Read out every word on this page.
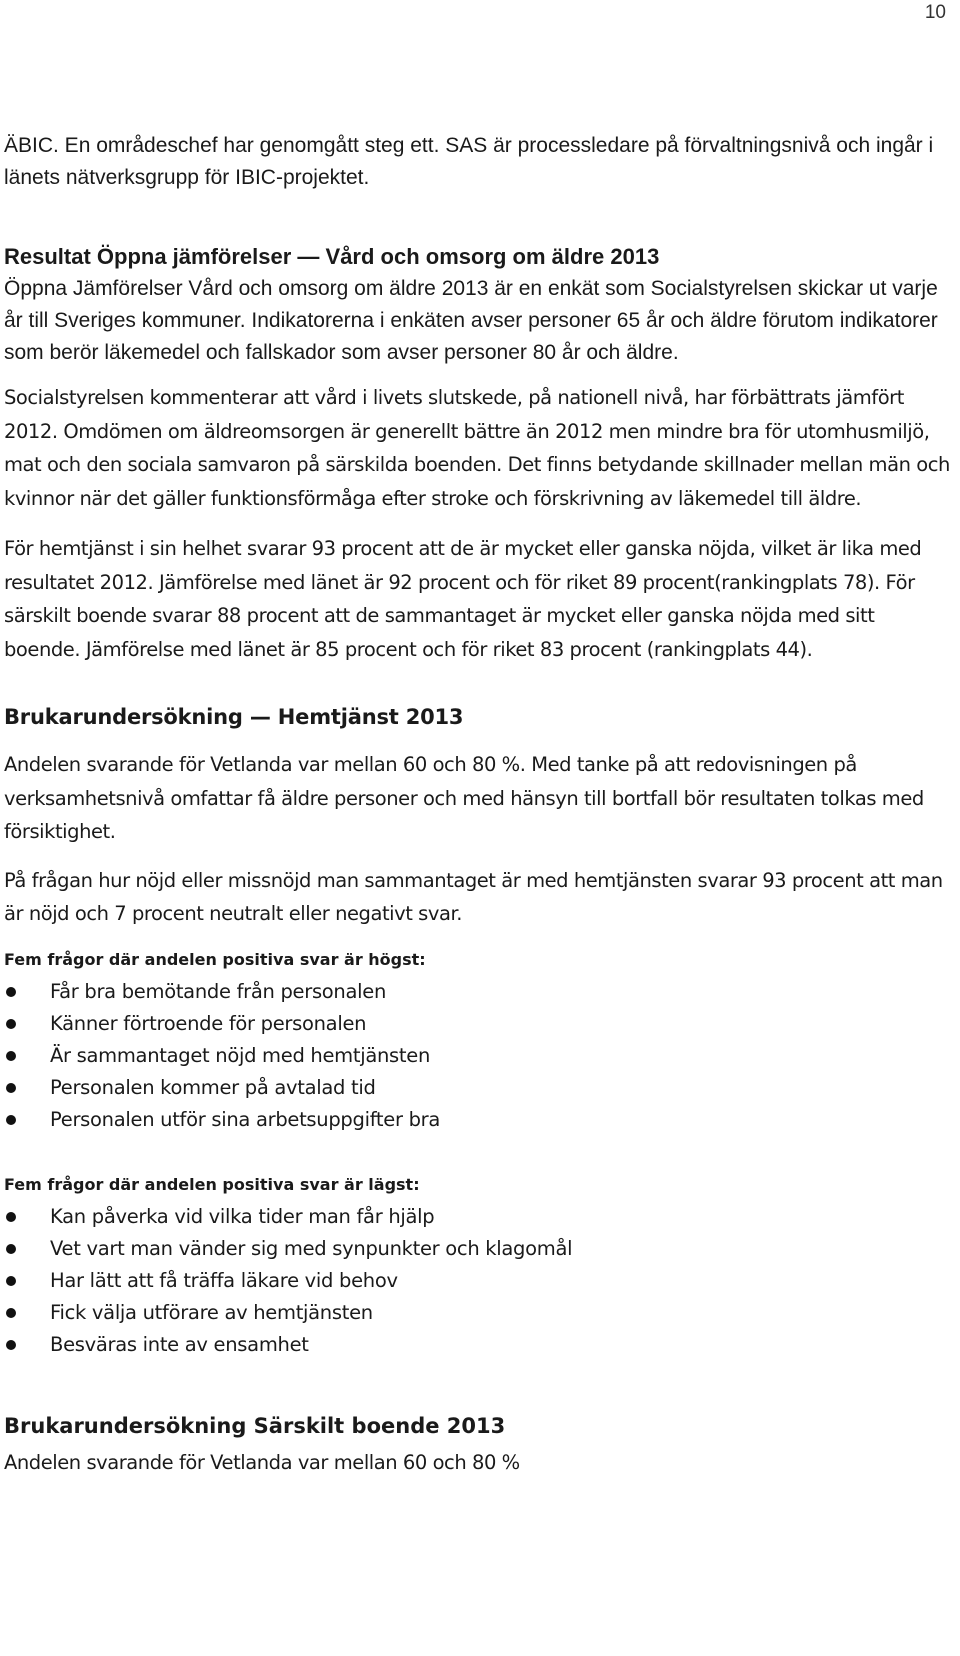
10

ÄBIC. En områdeschef har genomgått steg ett. SAS är processledare på förvaltningsnivå och ingår i länets nätverksgrupp för IBIC-projektet.

Resultat Öppna jämförelser — Vård och omsorg om äldre 2013

Öppna Jämförelser Vård och omsorg om äldre 2013 är en enkät som Socialstyrelsen skickar ut varje år till Sveriges kommuner. Indikatorerna i enkäten avser personer 65 år och äldre förutom indikatorer som berör läkemedel och fallskador som avser personer 80 år och äldre.

Socialstyrelsen kommenterar att vård i livets slutskede, på nationell nivå, har förbättrats jämfört 2012. Omdömen om äldreomsorgen är generellt bättre än 2012 men mindre bra för utomhusmiljö, mat och den sociala samvaron på särskilda boenden. Det finns betydande skillnader mellan män och kvinnor när det gäller funktionsförmåga efter stroke och förskrivning av läkemedel till äldre.

För hemtjänst i sin helhet svarar 93 procent att de är mycket eller ganska nöjda, vilket är lika med resultatet 2012. Jämförelse med länet är 92 procent och för riket 89 procent(rankingplats 78). För särskilt boende svarar 88 procent att de sammantaget är mycket eller ganska nöjda med sitt boende. Jämförelse med länet är 85 procent och för riket 83 procent (rankingplats 44).

Brukarundersökning — Hemtjänst 2013

Andelen svarande för Vetlanda var mellan 60 och 80 %. Med tanke på att redovisningen på verksamhetsnivå omfattar få äldre personer och med hänsyn till bortfall bör resultaten tolkas med försiktighet.

På frågan hur nöjd eller missnöjd man sammantaget är med hemtjänsten svarar 93 procent att man är nöjd och 7 procent neutralt eller negativt svar.

Fem frågor där andelen positiva svar är högst:
Får bra bemötande från personalen
Känner förtroende för personalen
Är sammantaget nöjd med hemtjänsten
Personalen kommer på avtalad tid
Personalen utför sina arbetsuppgifter bra
Fem frågor där andelen positiva svar är lägst:
Kan påverka vid vilka tider man får hjälp
Vet vart man vänder sig med synpunkter och klagomål
Har lätt att få träffa läkare vid behov
Fick välja utförare av hemtjänsten
Besväras inte av ensamhet
Brukarundersökning Särskilt boende 2013

Andelen svarande för Vetlanda var mellan 60 och 80 %
